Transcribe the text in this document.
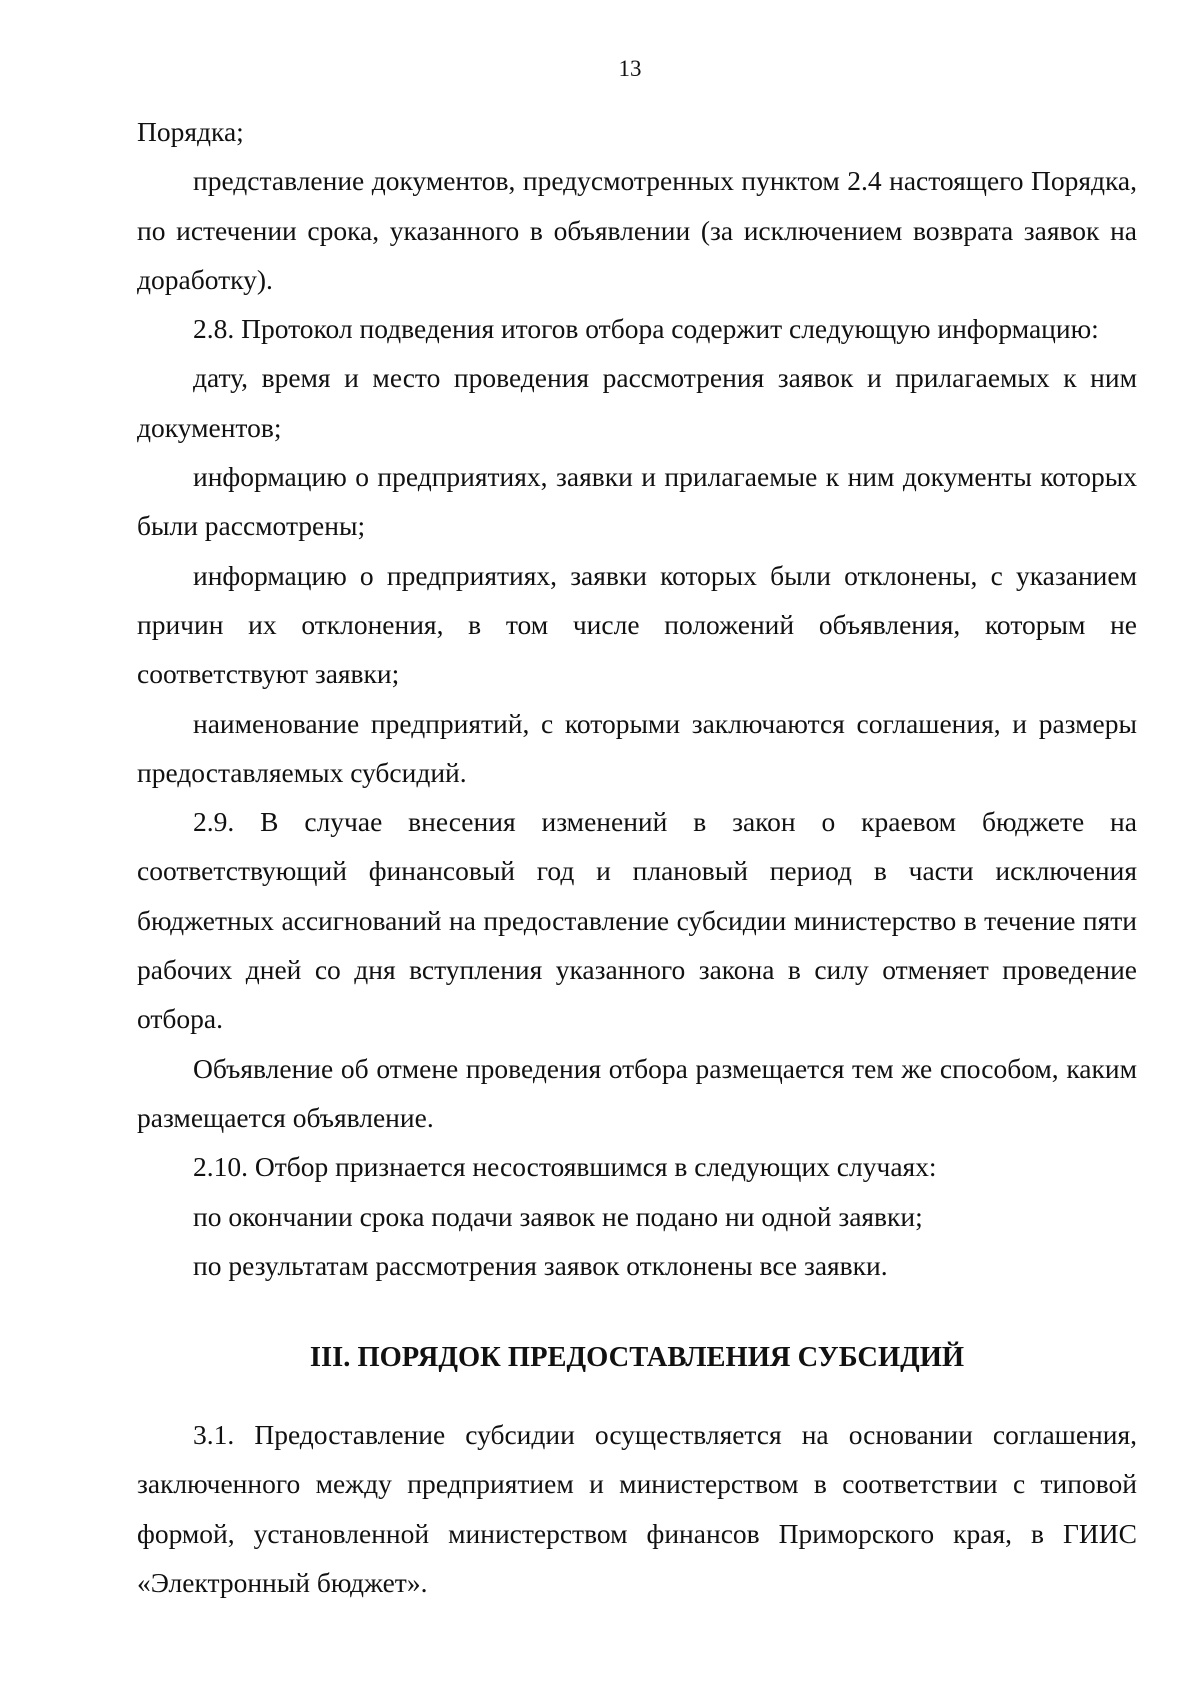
13

Порядка;

представление документов, предусмотренных пунктом 2.4 настоящего Порядка, по истечении срока, указанного в объявлении (за исключением возврата заявок на доработку).

2.8. Протокол подведения итогов отбора содержит следующую информацию:

дату, время и место проведения рассмотрения заявок и прилагаемых к ним документов;

информацию о предприятиях, заявки и прилагаемые к ним документы которых были рассмотрены;

информацию о предприятиях, заявки которых были отклонены, с указанием причин их отклонения, в том числе положений объявления, которым не соответствуют заявки;

наименование предприятий, с которыми заключаются соглашения, и размеры предоставляемых субсидий.

2.9. В случае внесения изменений в закон о краевом бюджете на соответствующий финансовый год и плановый период в части исключения бюджетных ассигнований на предоставление субсидии министерство в течение пяти рабочих дней со дня вступления указанного закона в силу отменяет проведение отбора.

Объявление об отмене проведения отбора размещается тем же способом, каким размещается объявление.

2.10. Отбор признается несостоявшимся в следующих случаях:

по окончании срока подачи заявок не подано ни одной заявки;

по результатам рассмотрения заявок отклонены все заявки.

III. ПОРЯДОК ПРЕДОСТАВЛЕНИЯ СУБСИДИЙ

3.1. Предоставление субсидии осуществляется на основании соглашения, заключенного между предприятием и министерством в соответствии с типовой формой, установленной министерством финансов Приморского края, в ГИИС «Электронный бюджет».
